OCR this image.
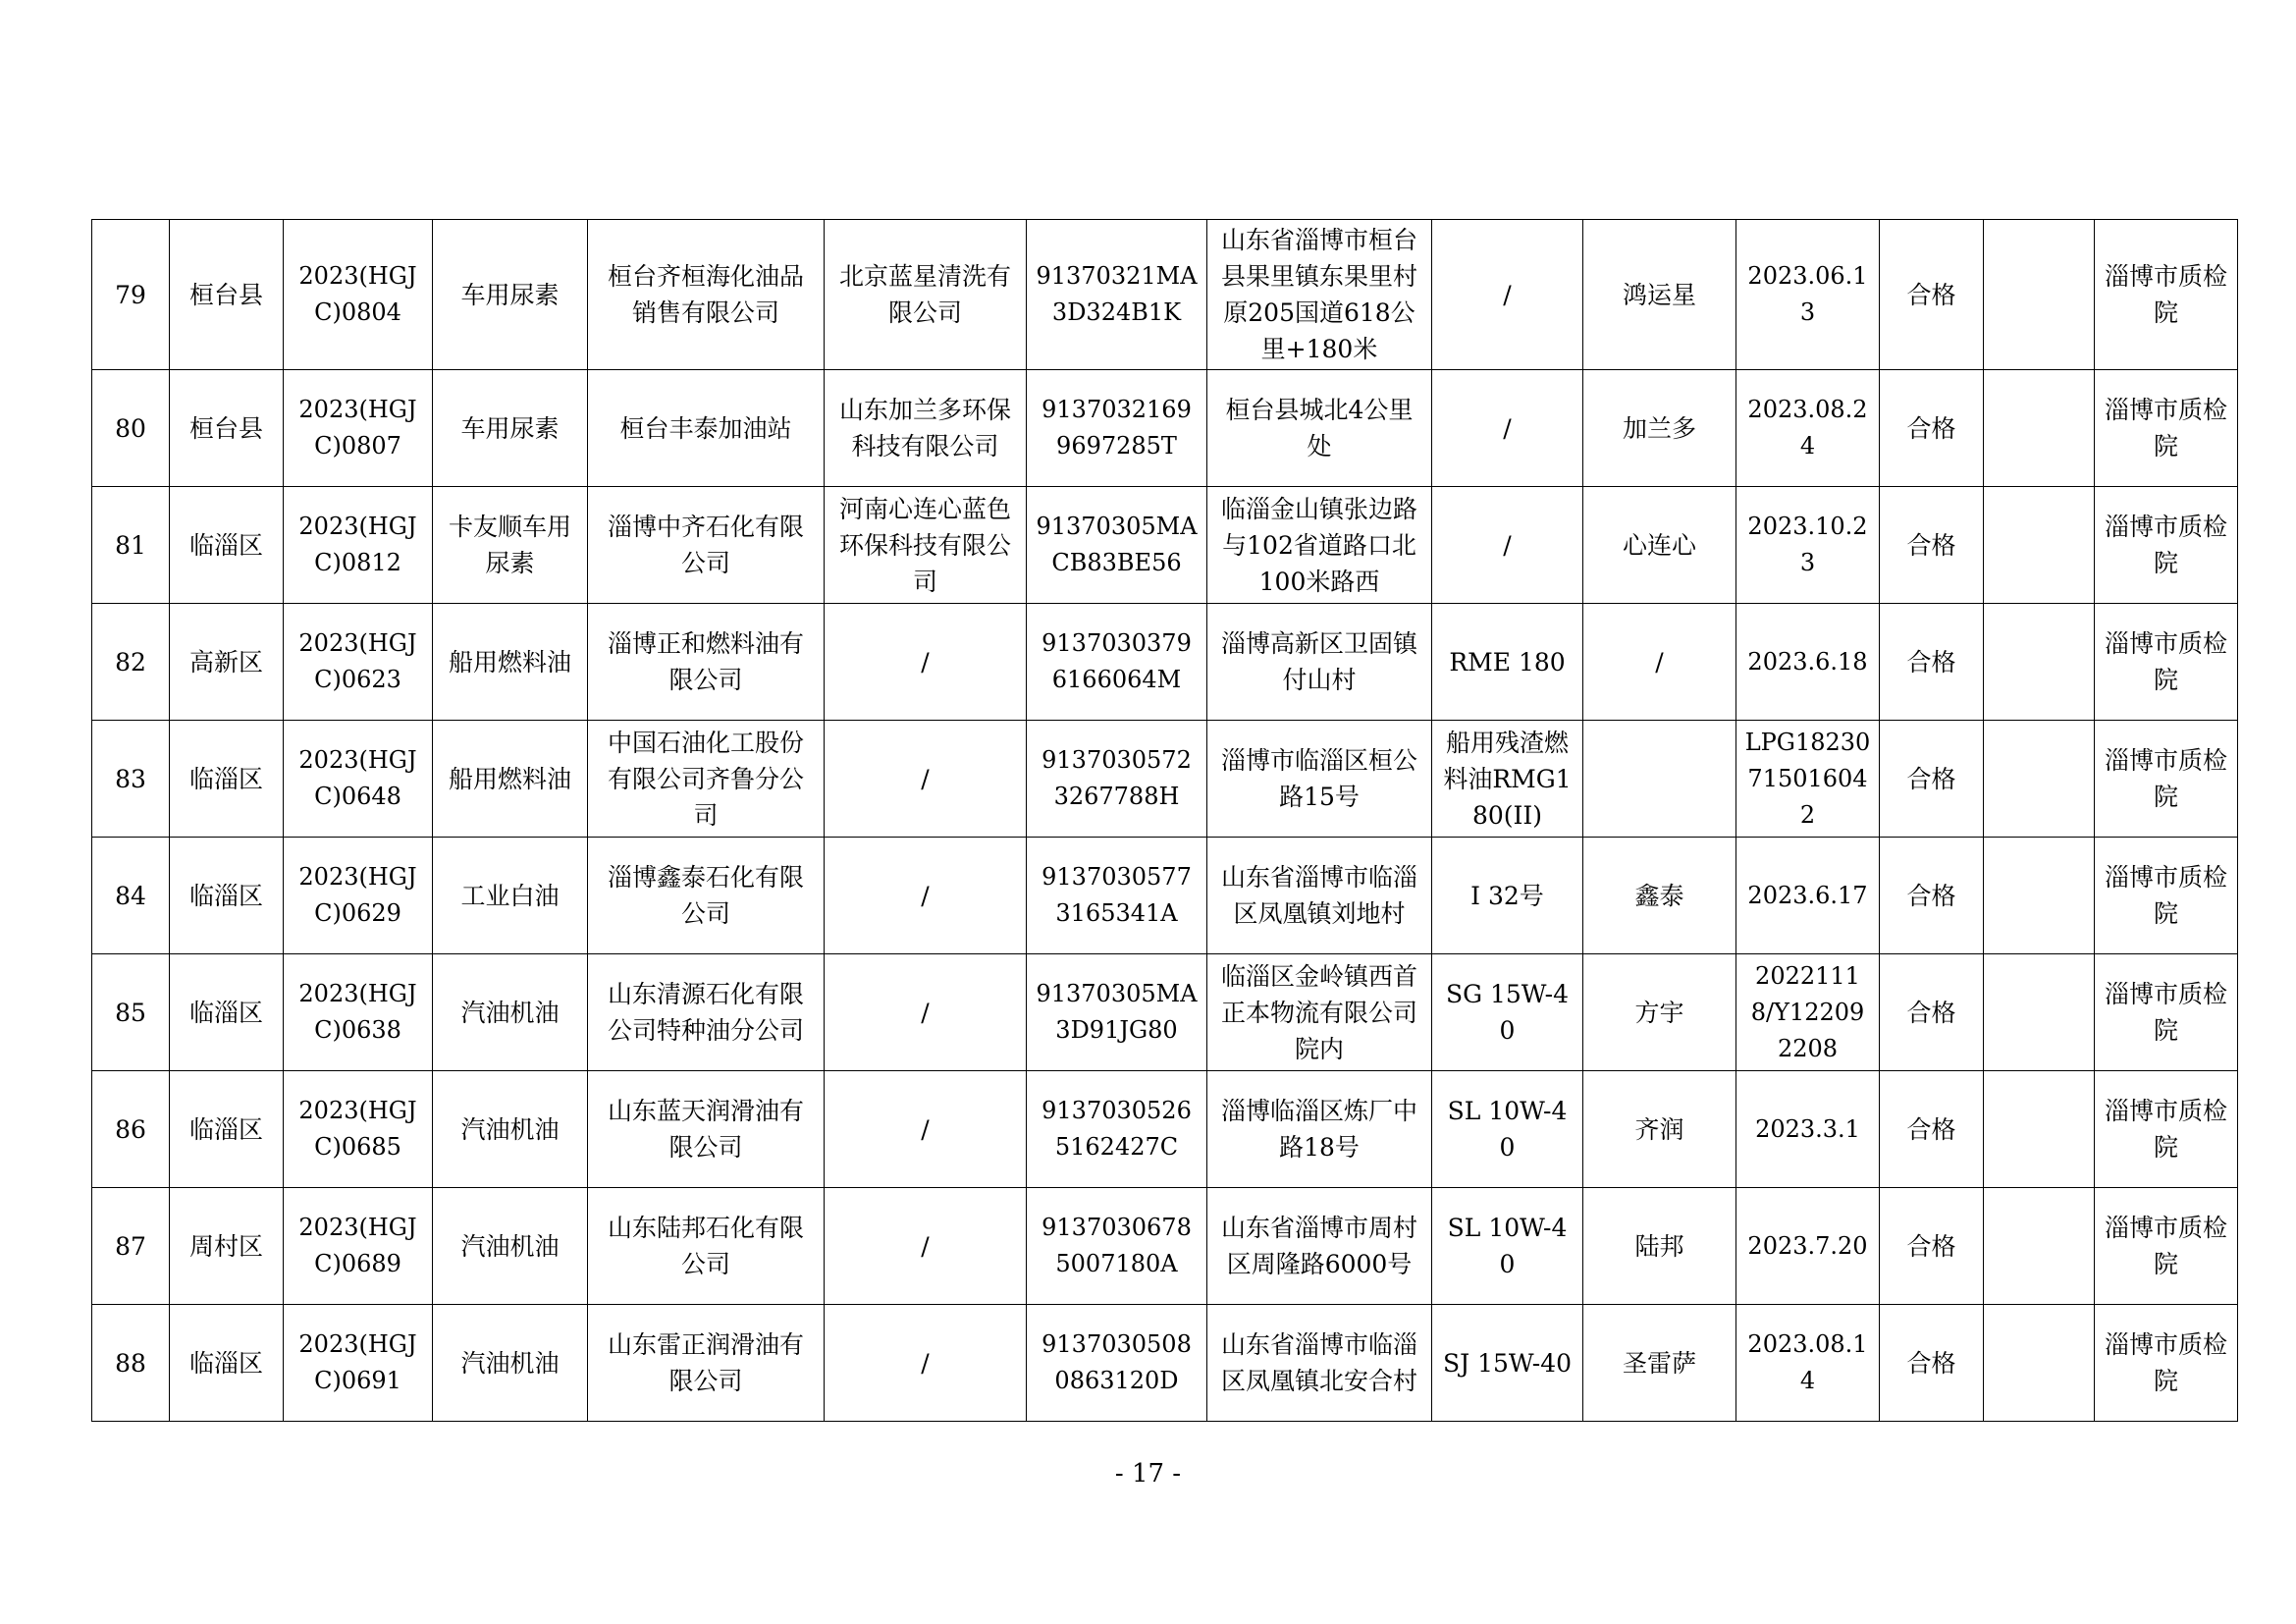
79	桓台县	2023(HGJC)0804	车用尿素	桓台齐桓海化油品销售有限公司	北京蓝星清洗有限公司	91370321MA3D324B1K	山东省淄博市桓台县果里镇东果里村原205国道618公里+180米	/	鸿运星	2023.06.13	合格		淄博市质检院
80	桓台县	2023(HGJC)0807	车用尿素	桓台丰泰加油站	山东加兰多环保科技有限公司	91370321699697285T	桓台县城北4公里处	/	加兰多	2023.08.24	合格		淄博市质检院
81	临淄区	2023(HGJC)0812	卡友顺车用尿素	淄博中齐石化有限公司	河南心连心蓝色环保科技有限公司	91370305MACB83BE56	临淄金山镇张边路与102省道路口北100米路西	/	心连心	2023.10.23	合格		淄博市质检院
82	高新区	2023(HGJC)0623	船用燃料油	淄博正和燃料油有限公司	/	91370303796166064M	淄博高新区卫固镇付山村	RME 180	/	2023.6.18	合格		淄博市质检院
83	临淄区	2023(HGJC)0648	船用燃料油	中国石油化工股份有限公司齐鲁分公司	/	91370305723267788H	淄博市临淄区桓公路15号	船用残渣燃料油RMG180(II)		LPG18230715016042	合格		淄博市质检院
84	临淄区	2023(HGJC)0629	工业白油	淄博鑫泰石化有限公司	/	91370305773165341A	山东省淄博市临淄区凤凰镇刘地村	I 32号	鑫泰	2023.6.17	合格		淄博市质检院
85	临淄区	2023(HGJC)0638	汽油机油	山东清源石化有限公司特种油分公司	/	91370305MA3D91JG80	临淄区金岭镇西首正本物流有限公司院内	SG 15W-40	方宇	20221118/Y122092208	合格		淄博市质检院
86	临淄区	2023(HGJC)0685	汽油机油	山东蓝天润滑油有限公司	/	91370305265162427C	淄博临淄区炼厂中路18号	SL 10W-40	齐润	2023.3.1	合格		淄博市质检院
87	周村区	2023(HGJC)0689	汽油机油	山东陆邦石化有限公司	/	91370306785007180A	山东省淄博市周村区周隆路6000号	SL 10W-40	陆邦	2023.7.20	合格		淄博市质检院
88	临淄区	2023(HGJC)0691	汽油机油	山东雷正润滑油有限公司	/	91370305080863120D	山东省淄博市临淄区凤凰镇北安合村	SJ 15W-40	圣雷萨	2023.08.14	合格		淄博市质检院
- 17 -
